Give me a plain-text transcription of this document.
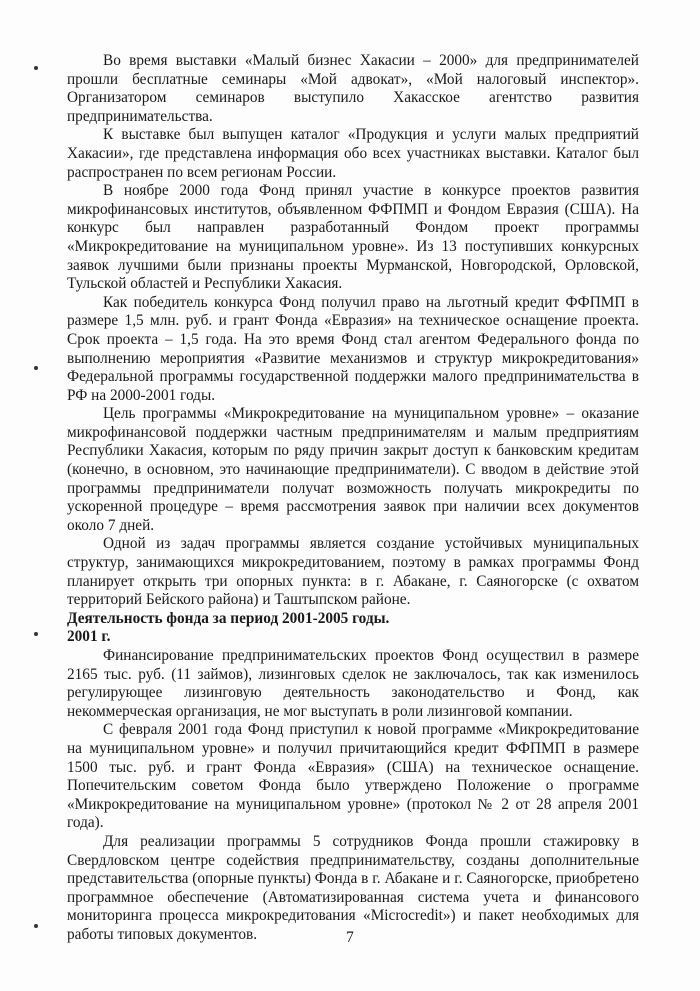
Во время выставки «Малый бизнес Хакасии – 2000» для предпринимателей прошли бесплатные семинары «Мой адвокат», «Мой налоговый инспектор». Организатором семинаров выступило Хакасское агентство развития предпринимательства.

К выставке был выпущен каталог «Продукция и услуги малых предприятий Хакасии», где представлена информация обо всех участниках выставки. Каталог был распространен по всем регионам России.

В ноябре 2000 года Фонд принял участие в конкурсе проектов развития микрофинансовых институтов, объявленном ФФПМП и Фондом Евразия (США). На конкурс был направлен разработанный Фондом проект программы «Микрокредитование на муниципальном уровне». Из 13 поступивших конкурсных заявок лучшими были признаны проекты Мурманской, Новгородской, Орловской, Тульской областей и Республики Хакасия.

Как победитель конкурса Фонд получил право на льготный кредит ФФПМП в размере 1,5 млн. руб. и грант Фонда «Евразия» на техническое оснащение проекта. Срок проекта – 1,5 года. На это время Фонд стал агентом Федерального фонда по выполнению мероприятия «Развитие механизмов и структур микрокредитования» Федеральной программы государственной поддержки малого предпринимательства в РФ на 2000-2001 годы.

Цель программы «Микрокредитование на муниципальном уровне» – оказание микрофинансовой поддержки частным предпринимателям и малым предприятиям Республики Хакасия, которым по ряду причин закрыт доступ к банковским кредитам (конечно, в основном, это начинающие предприниматели). С вводом в действие этой программы предприниматели получат возможность получать микрокредиты по ускоренной процедуре – время рассмотрения заявок при наличии всех документов около 7 дней.

Одной из задач программы является создание устойчивых муниципальных структур, занимающихся микрокредитованием, поэтому в рамках программы Фонд планирует открыть три опорных пункта: в г. Абакане, г. Саяногорске (с охватом территорий Бейского района) и Таштыпском районе.

Деятельность фонда за период 2001-2005 годы.
2001 г.

Финансирование предпринимательских проектов Фонд осуществил в размере 2165 тыс. руб. (11 займов), лизинговых сделок не заключалось, так как изменилось регулирующее лизинговую деятельность законодательство и Фонд, как некоммерческая организация, не мог выступать в роли лизинговой компании.

С февраля 2001 года Фонд приступил к новой программе «Микрокредитование на муниципальном уровне» и получил причитающийся кредит ФФПМП в размере 1500 тыс. руб. и грант Фонда «Евразия» (США) на техническое оснащение. Попечительским советом Фонда было утверждено Положение о программе «Микрокредитование на муниципальном уровне» (протокол № 2 от 28 апреля 2001 года).

Для реализации программы 5 сотрудников Фонда прошли стажировку в Свердловском центре содействия предпринимательству, созданы дополнительные представительства (опорные пункты) Фонда в г. Абакане и г. Саяногорске, приобретено программное обеспечение (Автоматизированная система учета и финансового мониторинга процесса микрокредитования «Microcredit») и пакет необходимых для работы типовых документов.	7
